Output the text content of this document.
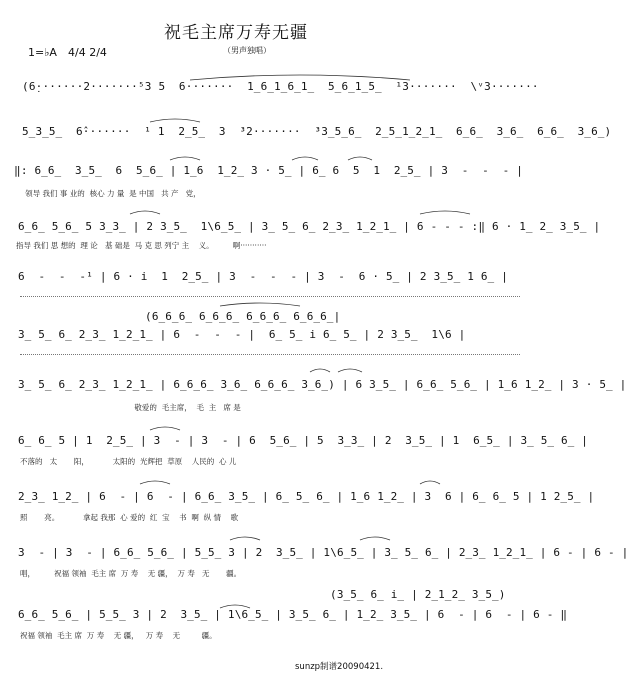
祝毛主席万寿无疆
（男声独唱）
1=♭A 4/4 2/4
(6̣·······2·······⁵3 5  6·······  1̲6̲1̲6̲1̲  5̲6̲1̲5̲  ¹3·······  \ᵛ3·······
5̲3̲5̲  6̂·······  ¹ 1  2̲5̲  3  ³2·······  ³3̲5̲6̲  2̲5̲1̲2̲1̲  6̲6̲  3̲6̲  6̲6̲  3̲6̲)
‖: 6̲6̲  3̲5̲  6  5̲6̲ | 1̲6  1̲2̲ 3 · 5̲ | 6̲ 6  5  1  2̲5̲ | 3  -  -  - |
领导 我们 事 业的  核心 力 量  是 中国   共 产   党，
6̲6̲ 5̲6̲ 5 3̲3̲ | 2 3̲5̲  1\6̲5̲ | 3̲ 5̲ 6̲ 2̲3̲ 1̲2̲1̲ | 6 - - - :‖ 6 · 1̲ 2̲ 3̲5̲ |
指导 我们 思 想的  理 论   基 础是  马 克 思 列宁 主    义。        啊···········
6  -  -  -¹ | 6 · i  1  2̲5̲ | 3  -  -  - | 3  -  6 · 5̲ | 2 3̲5̲ 1 6̲ |
(6̲6̲6̲ 6̲6̲6̲ 6̲6̲6̲ 6̲6̲6̲|
3̲ 5̲ 6̲ 2̲3̲ 1̲2̲1̲ | 6  -  -  - |  6̲ 5̲ i 6̲ 5̲ | 2 3̲5̲  1\6 |
3̲ 5̲ 6̲ 2̲3̲ 1̲2̲1̲ | 6̲6̲6̲ 3̲6̲ 6̲6̲6̲ 3̲6̲) | 6 3̲5̲ | 6̲6̲ 5̲6̲ | 1̲6 1̲2̲ | 3 · 5̲ |
敬爱的  毛主席，  毛  主   席 是
6̲ 6̲ 5 | 1  2̲5̲ | 3  - | 3  - | 6  5̲6̲ | 5  3̲3̲ | 2  3̲5̲ | 1  6̲5̲ | 3̲ 5̲ 6̲ |
不落的   太       阳，          太阳的  光辉把  草原    人民的  心 儿
2̲3̲ 1̲2̲ | 6  - | 6  - | 6̲6̲ 3̲5̲ | 6̲ 5̲ 6̲ | 1̲6 1̲2̲ | 3  6 | 6̲ 6̲ 5 | 1 2̲5̲ |
照       亮。          拿起 我那  心 爱的  红  宝    书  啊  纵 情    歌
3  - | 3  - | 6̲6̲ 5̲6̲ | 5̲5̲ 3 | 2  3̲5̲ | 1\6̲5̲ | 3̲ 5̲ 6̲ | 2̲3̲ 1̲2̲1̲ | 6 - | 6 - |
唱，        祝福 领袖  毛主 席  万 寿    无 疆，  万 寿   无       疆。
(3̲5̲ 6̲ i̲ | 2̲1̲2̲ 3̲5̲)
6̲6̲ 5̲6̲ | 5̲5̲ 3 | 2  3̲5̲ | 1\6̲5̲ | 3̲5̲ 6̲ | 1̲2̲ 3̲5̲ | 6  - | 6  - | 6 - ‖
祝福 领袖  毛主 席  万 寿    无 疆，   万 寿    无         疆。
sunzp制谱20090421.
